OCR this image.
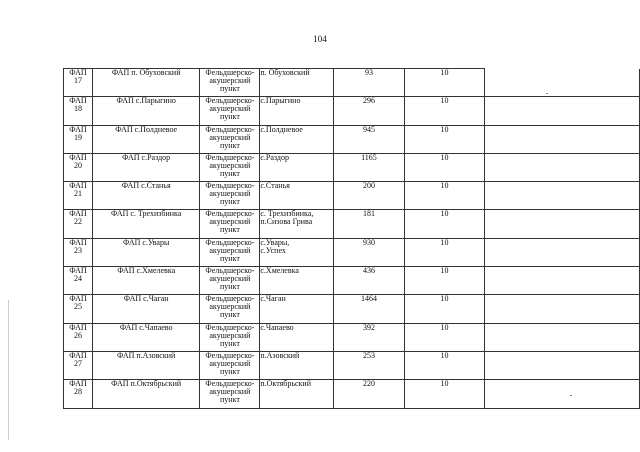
104
ФАП
17	ФАП п. Обуховский	Фельдшерско-
акушерский
пункт	п. Обуховский	93	10	

ФАП
18	ФАП с.Парыгино	Фельдшерско-
акушерский
пункт	с.Парыгино	296	10	

ФАП
19	ФАП с.Полдневое	Фельдшерско-
акушерский
пункт	с.Полдневое	945	10	

ФАП
20	ФАП с.Раздор	Фельдшерско-
акушерский
пункт	с.Раздор	1165	10	

ФАП
21	ФАП с.Станья	Фельдшерско-
акушерский
пункт	с.Станья	200	10	

ФАП
22	ФАП с. Трехизбинка	Фельдшерско-
акушерский
пункт	с. Трехизбинка,
п.Сизова Грива	181	10	

ФАП
23	ФАП с.Увары	Фельдшерско-
акушерский
пункт	с.Увары,
с.Успех	930	10	

ФАП
24	ФАП с.Хмелевка	Фельдшерско-
акушерский
пункт	с.Хмелевка	436	10	

ФАП
25	ФАП с.Чаган	Фельдшерско-
акушерский
пункт	с.Чаган	1464	10	

ФАП
26	ФАП с.Чапаево	Фельдшерско-
акушерский
пункт	с.Чапаево	392	10	

ФАП
27	ФАП п.Азовский	Фельдшерско-
акушерский
пункт	п.Азовский	253	10	

ФАП
28	ФАП п.Октябрьский	Фельдшерско-
акушерский
пункт	п.Октябрьский	220	10	
